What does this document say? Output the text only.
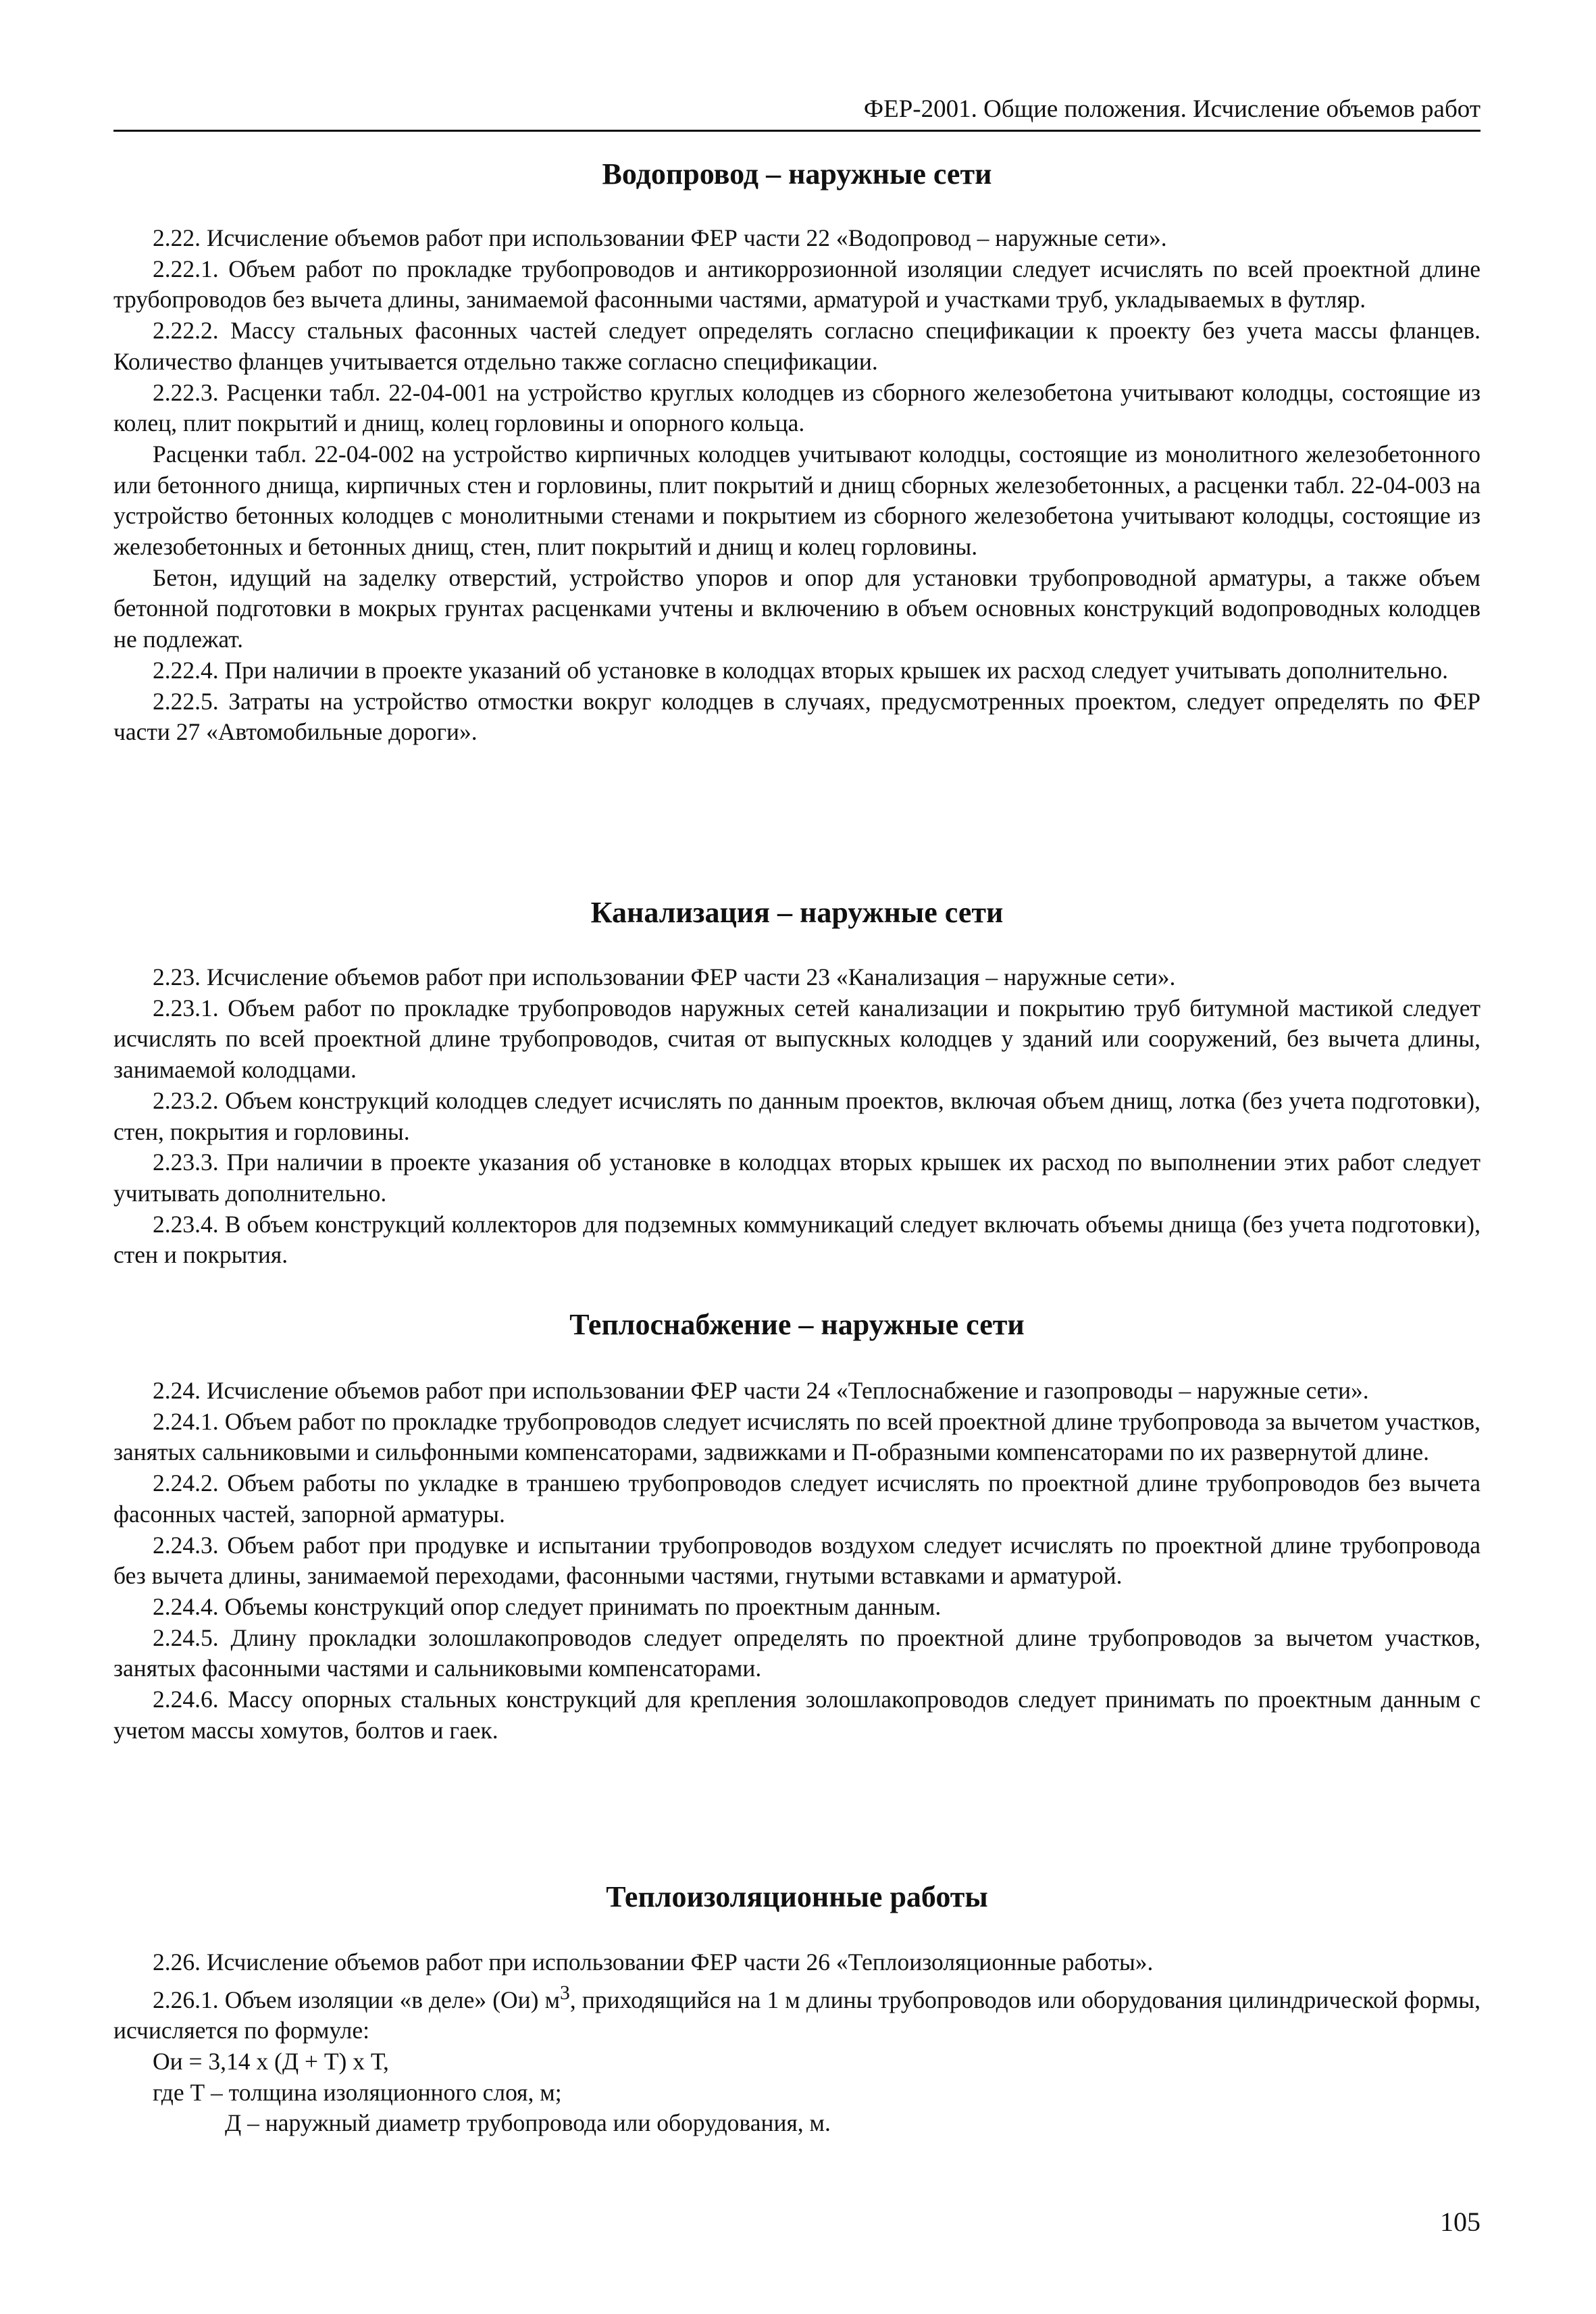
ФЕР-2001. Общие положения. Исчисление объемов работ
Водопровод – наружные сети

2.22. Исчисление объемов работ при использовании ФЕР части 22 «Водопровод – наружные сети».

2.22.1. Объем работ по прокладке трубопроводов и антикоррозионной изоляции следует исчислять по всей проектной длине трубопроводов без вычета длины, занимаемой фасонными частями, арматурой и участками труб, укладываемых в футляр.

2.22.2. Массу стальных фасонных частей следует определять согласно спецификации к проекту без учета массы фланцев. Количество фланцев учитывается отдельно также согласно спецификации.

2.22.3. Расценки табл. 22-04-001 на устройство круглых колодцев из сборного железобетона учитывают колодцы, состоящие из колец, плит покрытий и днищ, колец горловины и опорного кольца.

Расценки табл. 22-04-002 на устройство кирпичных колодцев учитывают колодцы, состоящие из монолитного железобетонного или бетонного днища, кирпичных стен и горловины, плит покрытий и днищ сборных железобетонных, а расценки табл. 22-04-003 на устройство бетонных колодцев с монолитными стенами и покрытием из сборного железобетона учитывают колодцы, состоящие из железобетонных и бетонных днищ, стен, плит покрытий и днищ и колец горловины.

Бетон, идущий на заделку отверстий, устройство упоров и опор для установки трубопроводной арматуры, а также объем бетонной подготовки в мокрых грунтах расценками учтены и включению в объем основных конструкций водопроводных колодцев не подлежат.

2.22.4. При наличии в проекте указаний об установке в колодцах вторых крышек их расход следует учитывать дополнительно.

2.22.5. Затраты на устройство отмостки вокруг колодцев в случаях, предусмотренных проектом, следует определять по ФЕР части 27 «Автомобильные дороги».

Канализация – наружные сети

2.23. Исчисление объемов работ при использовании ФЕР части 23 «Канализация – наружные сети».

2.23.1. Объем работ по прокладке трубопроводов наружных сетей канализации и покрытию труб битумной мастикой следует исчислять по всей проектной длине трубопроводов, считая от выпускных колодцев у зданий или сооружений, без вычета длины, занимаемой колодцами.

2.23.2. Объем конструкций колодцев следует исчислять по данным проектов, включая объем днищ, лотка (без учета подготовки), стен, покрытия и горловины.

2.23.3. При наличии в проекте указания об установке в колодцах вторых крышек их расход по выполнении этих работ следует учитывать дополнительно.

2.23.4. В объем конструкций коллекторов для подземных коммуникаций следует включать объемы днища (без учета подготовки), стен и покрытия.

Теплоснабжение – наружные сети

2.24. Исчисление объемов работ при использовании ФЕР части 24 «Теплоснабжение и газопроводы – наружные сети».

2.24.1. Объем работ по прокладке трубопроводов следует исчислять по всей проектной длине трубопровода за вычетом участков, занятых сальниковыми и сильфонными компенсаторами, задвижками и П-образными компенсаторами по их развернутой длине.

2.24.2. Объем работы по укладке в траншею трубопроводов следует исчислять по проектной длине трубопроводов без вычета фасонных частей, запорной арматуры.

2.24.3. Объем работ при продувке и испытании трубопроводов воздухом следует исчислять по проектной длине трубопровода без вычета длины, занимаемой переходами, фасонными частями, гнутыми вставками и арматурой.

2.24.4. Объемы конструкций опор следует принимать по проектным данным.

2.24.5. Длину прокладки золошлакопроводов следует определять по проектной длине трубопроводов за вычетом участков, занятых фасонными частями и сальниковыми компенсаторами.

2.24.6. Массу опорных стальных конструкций для крепления золошлакопроводов следует принимать по проектным данным с учетом массы хомутов, болтов и гаек.

Теплоизоляционные работы

2.26. Исчисление объемов работ при использовании ФЕР части 26 «Теплоизоляционные работы».

2.26.1. Объем изоляции «в деле» (Ои) $м^3$, приходящийся на 1 м длины трубопроводов или оборудования цилиндрической формы, исчисляется по формуле:

Ои = 3,14 х (Д + Т) х Т,

где Т – толщина изоляционного слоя, м;

Д – наружный диаметр трубопровода или оборудования, м.

105
